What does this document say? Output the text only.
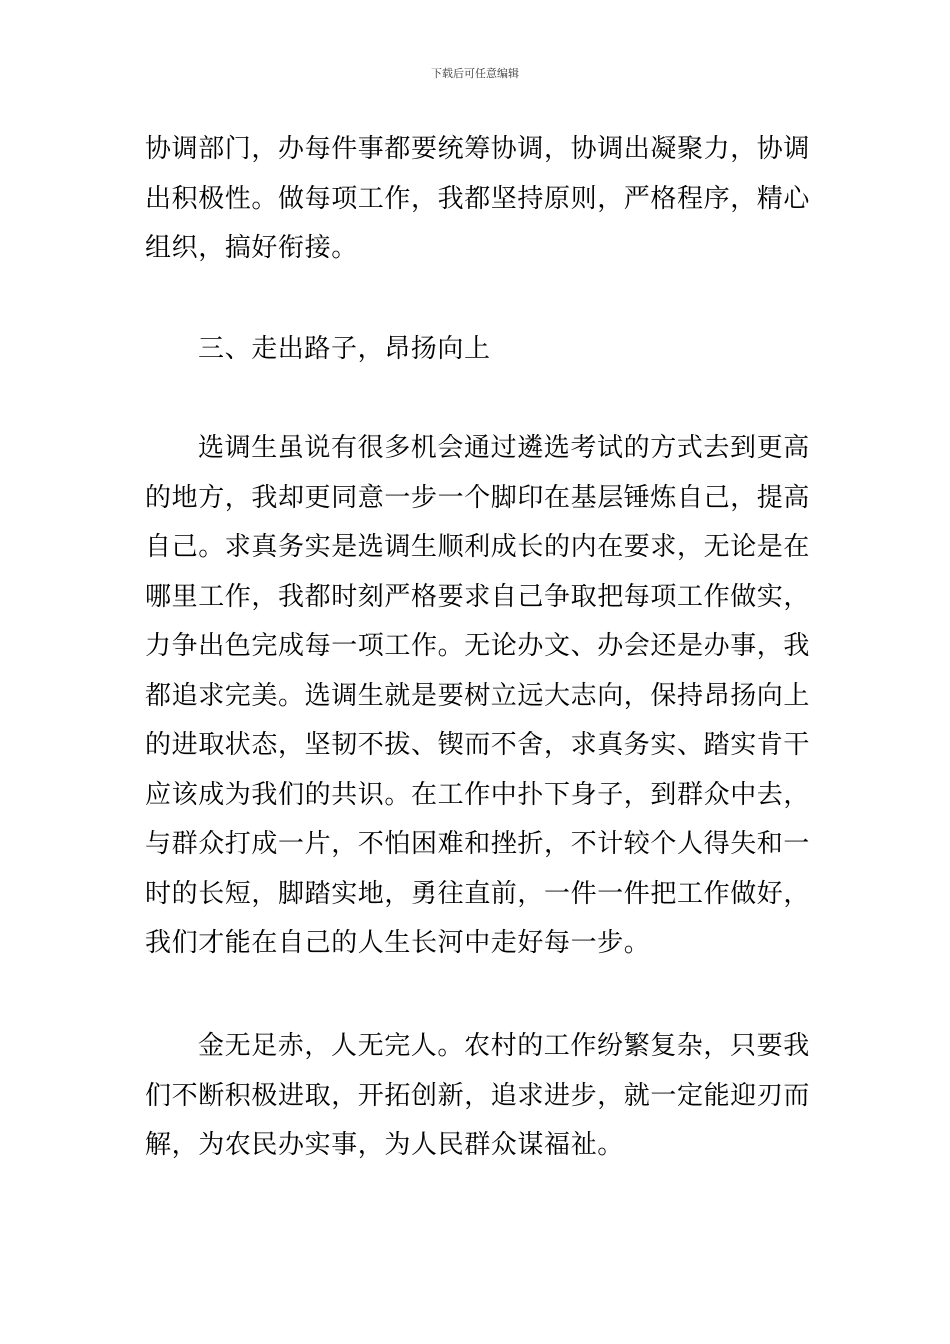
下载后可任意编辑
协调部门，办每件事都要统筹协调，协调出凝聚力，协调
出积极性。做每项工作，我都坚持原则，严格程序，精心
组织，搞好衔接。
三、走出路子，昂扬向上
选调生虽说有很多机会通过遴选考试的方式去到更高
的地方，我却更同意一步一个脚印在基层锤炼自己，提高
自己。求真务实是选调生顺利成长的内在要求，无论是在
哪里工作，我都时刻严格要求自己争取把每项工作做实，
力争出色完成每一项工作。无论办文、办会还是办事，我
都追求完美。选调生就是要树立远大志向，保持昂扬向上
的进取状态，坚韧不拔、锲而不舍，求真务实、踏实肯干
应该成为我们的共识。在工作中扑下身子，到群众中去，
与群众打成一片，不怕困难和挫折，不计较个人得失和一
时的长短，脚踏实地，勇往直前，一件一件把工作做好，
我们才能在自己的人生长河中走好每一步。
金无足赤，人无完人。农村的工作纷繁复杂，只要我
们不断积极进取，开拓创新，追求进步，就一定能迎刃而
解，为农民办实事，为人民群众谋福祉。
